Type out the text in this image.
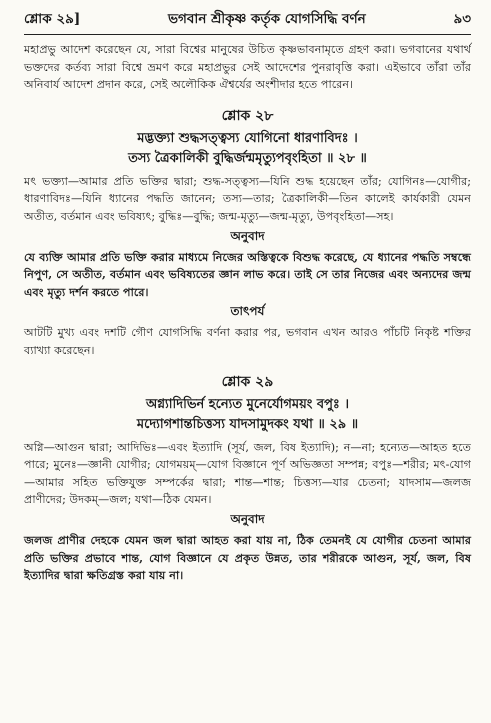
শ্লোক ২৯]	ভগবান শ্রীকৃষ্ণ কর্তৃক যোগসিদ্ধি বর্ণন	৯৩

মহাপ্রভু আদেশ করেছেন যে, সারা বিশ্বের মানুষের উচিত কৃষ্ণভাবনামৃতে গ্রহণ করা। ভগবানের যথার্থ ভক্তদের কর্তব্য সারা বিশ্বে ভ্রমণ করে মহাপ্রভুর সেই আদেশের পুনরাবৃত্তি করা। এইভাবে তাঁরা তাঁর অনিবার্য আদেশ প্রদান করে, সেই অলৌকিক ঐশ্বর্যের অংশীদার হতে পারেন।

শ্লোক ২৮

মদ্ভক্ত্যা শুদ্ধসত্ত্বস্য যোগিনো ধারণাবিদঃ ।

তস্য ত্রৈকালিকী বুদ্ধির্জন্মমৃত্যুপবৃংহিতা ॥ ২৮ ॥

মৎ ভক্ত্যা—আমার প্রতি ভক্তির দ্বারা; শুদ্ধ-সত্ত্বস্য—যিনি শুদ্ধ হয়েছেন তাঁর; যোগিনঃ—যোগীর; ধারণাবিদঃ—যিনি ধ্যানের পদ্ধতি জানেন; তস্য—তার; ত্রৈকালিকী—তিন কালেই কার্যকারী যেমন অতীত, বর্তমান এবং ভবিষ্যৎ; বুদ্ধিঃ—বুদ্ধি; জন্ম-মৃত্যু—জন্ম-মৃত্যু, উপবৃংহিতা—সহ।

অনুবাদ

যে ব্যক্তি আমার প্রতি ভক্তি করার মাধ্যমে নিজের অস্তিত্বকে বিশুদ্ধ করেছে, যে ধ্যানের পদ্ধতি সম্বন্ধে নিপুণ, সে অতীত, বর্তমান এবং ভবিষ্যতের জ্ঞান লাভ করে। তাই সে তার নিজের এবং অন্যদের জন্ম এবং মৃত্যু দর্শন করতে পারে।

তাৎপর্য

আটটি মুখ্য এবং দশটি গৌণ যোগসিদ্ধি বর্ণনা করার পর, ভগবান এখন আরও পাঁচটি নিকৃষ্ট শক্তির ব্যাখ্যা করেছেন।

শ্লোক ২৯

অগ্ন্যাদিভির্ন হন্যেত মুনের্যোগময়ং বপুঃ ।

মদ্যোগশান্তচিত্তস্য যাদসামুদকং যথা ॥ ২৯ ॥

অগ্নি—আগুন দ্বারা; আদিভিঃ—এবং ইত্যাদি (সূর্য, জল, বিষ ইত্যাদি); ন—না; হন্যেত—আহত হতে পারে; মুনেঃ—জ্ঞানী যোগীর; যোগময়ম্—যোগ বিজ্ঞানে পূর্ণ অভিজ্ঞতা সম্পন্ন; বপুঃ—শরীর; মৎ-যোগ—আমার সহিত ভক্তিযুক্ত সম্পর্কের দ্বারা; শান্ত—শান্ত; চিত্তস্য—যার চেতনা; যাদসাম—জলজ প্রাণীদের; উদকম্—জল; যথা—ঠিক যেমন।

অনুবাদ

জলজ প্রাণীর দেহকে যেমন জল দ্বারা আহত করা যায় না, ঠিক তেমনই যে যোগীর চেতনা আমার প্রতি ভক্তির প্রভাবে শান্ত, যোগ বিজ্ঞানে যে প্রকৃত উন্নত, তার শরীরকে আগুন, সূর্য, জল, বিষ ইত্যাদির দ্বারা ক্ষতিগ্রস্ত করা যায় না।
